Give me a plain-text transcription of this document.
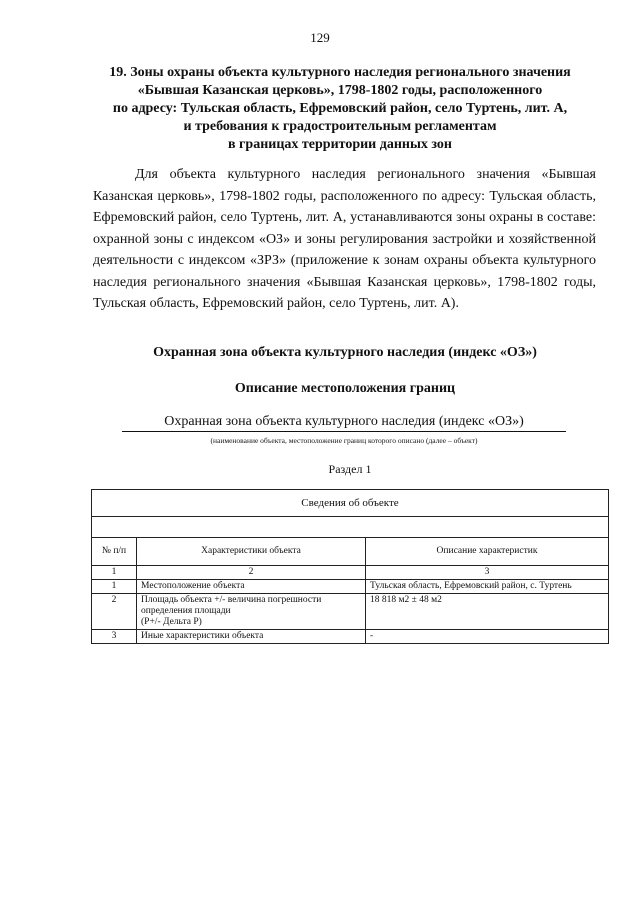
129
19. Зоны охраны объекта культурного наследия регионального значения
«Бывшая Казанская церковь», 1798-1802 годы, расположенного
по адресу: Тульская область, Ефремовский район, село Туртень, лит. А,
и требования к градостроительным регламентам
в границах территории данных зон

Для объекта культурного наследия регионального значения «Бывшая Казанская церковь», 1798-1802 годы, расположенного по адресу: Тульская область, Ефремовский район, село Туртень, лит. А, устанавливаются зоны охраны в составе: охранной зоны с индексом «ОЗ» и зоны регулирования застройки и хозяйственной деятельности с индексом «ЗРЗ» (приложение к зонам охраны объекта культурного наследия регионального значения «Бывшая Казанская церковь», 1798-1802 годы, Тульская область, Ефремовский район, село Туртень, лит. А).

Охранная зона объекта культурного наследия (индекс «ОЗ»)
Описание местоположения границ
Охранная зона объекта культурного наследия (индекс «ОЗ»)
(наименование объекта, местоположение границ которого описано (далее – объект)
Раздел 1
Сведения об объекте		

№ п/п	Характеристики объекта	Описание характеристик
1	2	3
1	Местоположение объекта	Тульская область, Ефремовский район, с. Туртень
2	Площадь объекта +/- величина погрешности
определения площади
(Р+/- Дельта Р)	18 818 м2 ± 48 м2
3	Иные характеристики объекта	-
